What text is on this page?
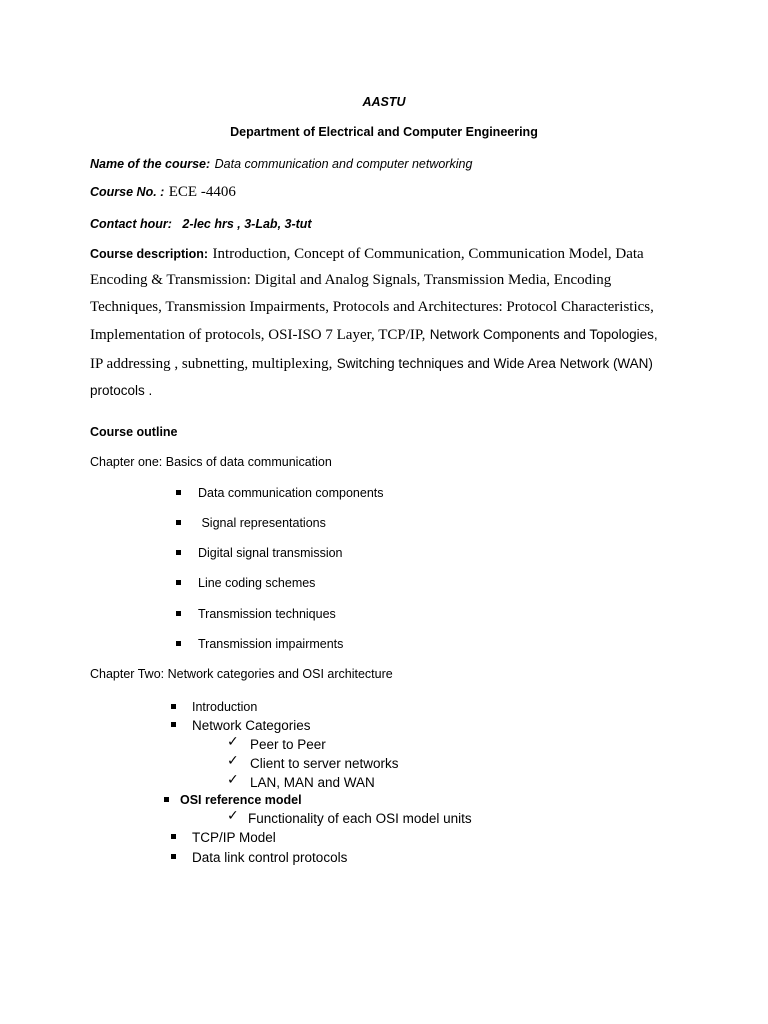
AASTU
Department of Electrical and Computer Engineering
Name of the course: Data communication and computer networking
Course No. : ECE -4406
Contact hour: 2-lec hrs , 3-Lab, 3-tut
Course description: Introduction, Concept of Communication, Communication Model, Data
Encoding & Transmission: Digital and Analog Signals, Transmission Media, Encoding
Techniques, Transmission Impairments, Protocols and Architectures: Protocol Characteristics,
Implementation of protocols, OSI-ISO 7 Layer, TCP/IP, Network Components and Topologies,
IP addressing , subnetting, multiplexing, Switching techniques and Wide Area Network (WAN)
protocols .
Course outline
Chapter one: Basics of data communication
Data communication components
Signal representations
Digital signal transmission
Line coding schemes
Transmission techniques
Transmission impairments
Chapter Two: Network categories and OSI architecture
Introduction
Network Categories
✓ Peer to Peer
✓ Client to server networks
✓ LAN, MAN and WAN
OSI reference model
✓ Functionality of each OSI model units
TCP/IP Model
Data link control protocols
